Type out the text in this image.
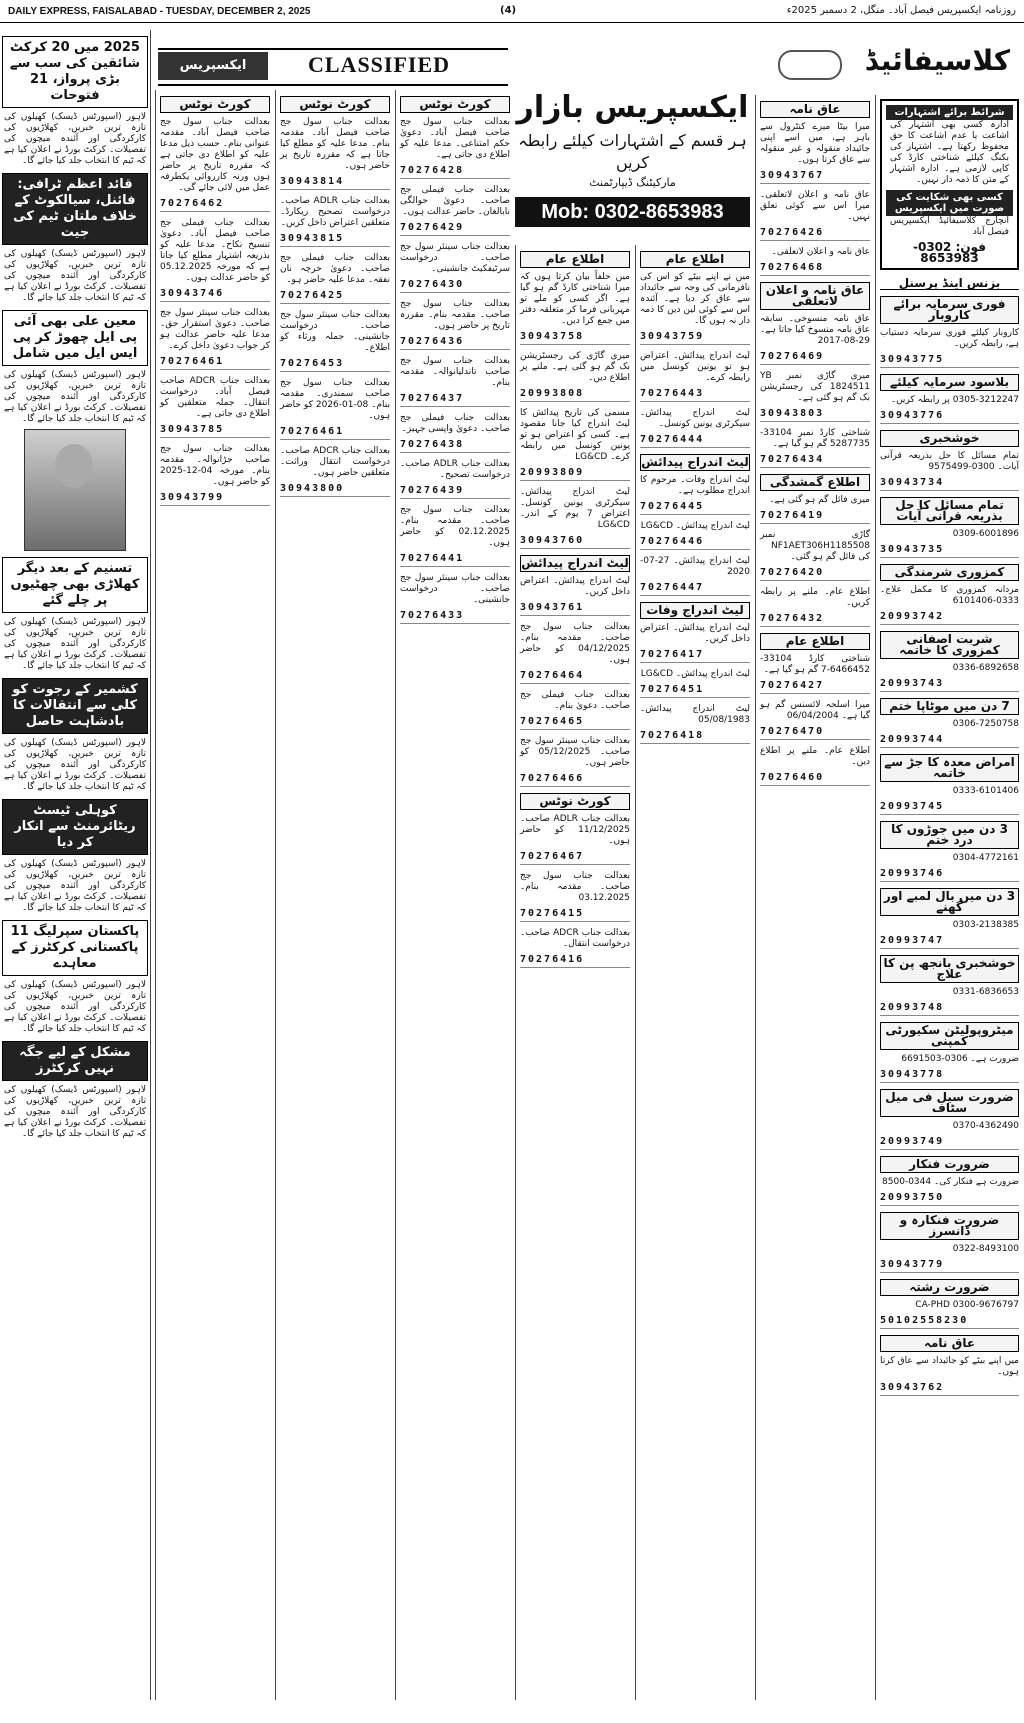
DAILY EXPRESS, FAISALABAD - TUESDAY, DECEMBER 2, 2025	(4)	روزنامہ ایکسپریس فیصل آباد۔ منگل، 2 دسمبر 2025ء
2025 میں 20 کرکٹ شائقین کی سب سے بڑی پرواز، 21 فتوحات

لاہور (اسپورٹس ڈیسک) کھیلوں کی تازہ ترین خبریں، کھلاڑیوں کی کارکردگی اور آئندہ میچوں کی تفصیلات۔ کرکٹ بورڈ نے اعلان کیا ہے کہ ٹیم کا انتخاب جلد کیا جائے گا۔

قائد اعظم ٹرافی: فائنل، سیالکوٹ کے خلاف ملتان ٹیم کی جیت

لاہور (اسپورٹس ڈیسک) کھیلوں کی تازہ ترین خبریں، کھلاڑیوں کی کارکردگی اور آئندہ میچوں کی تفصیلات۔ کرکٹ بورڈ نے اعلان کیا ہے کہ ٹیم کا انتخاب جلد کیا جائے گا۔

معین علی بھی آئی پی ایل چھوڑ کر پی ایس ایل میں شامل

لاہور (اسپورٹس ڈیسک) کھیلوں کی تازہ ترین خبریں، کھلاڑیوں کی کارکردگی اور آئندہ میچوں کی تفصیلات۔ کرکٹ بورڈ نے اعلان کیا ہے کہ ٹیم کا انتخاب جلد کیا جائے گا۔

تسنیم کے بعد دیگر کھلاڑی بھی چھٹیوں پر چلے گئے

لاہور (اسپورٹس ڈیسک) کھیلوں کی تازہ ترین خبریں، کھلاڑیوں کی کارکردگی اور آئندہ میچوں کی تفصیلات۔ کرکٹ بورڈ نے اعلان کیا ہے کہ ٹیم کا انتخاب جلد کیا جائے گا۔

کشمیر کے رجوت کو کلی سے انتقالات کا بادشاہت حاصل

لاہور (اسپورٹس ڈیسک) کھیلوں کی تازہ ترین خبریں، کھلاڑیوں کی کارکردگی اور آئندہ میچوں کی تفصیلات۔ کرکٹ بورڈ نے اعلان کیا ہے کہ ٹیم کا انتخاب جلد کیا جائے گا۔

کوہلی ٹیسٹ ریٹائرمنٹ سے انکار کر دیا

لاہور (اسپورٹس ڈیسک) کھیلوں کی تازہ ترین خبریں، کھلاڑیوں کی کارکردگی اور آئندہ میچوں کی تفصیلات۔ کرکٹ بورڈ نے اعلان کیا ہے کہ ٹیم کا انتخاب جلد کیا جائے گا۔

پاکستان سپرلیگ 11 پاکستانی کرکٹرز کے معاہدے

لاہور (اسپورٹس ڈیسک) کھیلوں کی تازہ ترین خبریں، کھلاڑیوں کی کارکردگی اور آئندہ میچوں کی تفصیلات۔ کرکٹ بورڈ نے اعلان کیا ہے کہ ٹیم کا انتخاب جلد کیا جائے گا۔

مشکل کے لیے جگہ نہیں کرکٹرز

لاہور (اسپورٹس ڈیسک) کھیلوں کی تازہ ترین خبریں، کھلاڑیوں کی کارکردگی اور آئندہ میچوں کی تفصیلات۔ کرکٹ بورڈ نے اعلان کیا ہے کہ ٹیم کا انتخاب جلد کیا جائے گا۔

ایکسپریس	CLASSIFIED
کورٹ نوٹس

بعدالت جناب سول جج صاحب فیصل آباد۔ مقدمہ عنوانی بنام۔ حسب ذیل مدعا علیہ کو اطلاع دی جاتی ہے کہ مقررہ تاریخ پر حاضر ہوں ورنہ کارروائی یکطرفہ عمل میں لائی جائے گی۔

70276462

بعدالت جناب فیملی جج صاحب فیصل آباد۔ دعویٰ تنسیخ نکاح۔ مدعا علیہ کو بذریعہ اشتہار مطلع کیا جاتا ہے کہ مورخہ 05.12.2025 کو حاضر عدالت ہوں۔

30943746

بعدالت جناب سینئر سول جج صاحب۔ دعویٰ استقرار حق۔ مدعا علیہ حاضر عدالت ہو کر جواب دعویٰ داخل کرے۔

70276461

بعدالت جناب ADCR صاحب فیصل آباد۔ درخواست انتقال۔ جملہ متعلقین کو اطلاع دی جاتی ہے۔

30943785

بعدالت جناب سول جج صاحب جڑانوالہ۔ مقدمہ بنام۔ مورخہ 04-12-2025 کو حاضر ہوں۔

30943799
کورٹ نوٹس

بعدالت جناب سول جج صاحب فیصل آباد۔ مقدمہ بنام۔ مدعا علیہ کو مطلع کیا جاتا ہے کہ مقررہ تاریخ پر حاضر ہوں۔

30943814

بعدالت جناب ADLR صاحب۔ درخواست تصحیح ریکارڈ۔ متعلقین اعتراض داخل کریں۔

30943815

بعدالت جناب فیملی جج صاحب۔ دعویٰ خرچہ نان نفقہ۔ مدعا علیہ حاضر ہو۔

70276425

بعدالت جناب سینئر سول جج صاحب۔ درخواست جانشینی۔ جملہ ورثاء کو اطلاع۔

70276453

بعدالت جناب سول جج صاحب سمندری۔ مقدمہ بنام۔ 08-01-2026 کو حاضر ہوں۔

70276461

بعدالت جناب ADCR صاحب۔ درخواست انتقال وراثت۔ متعلقین حاضر ہوں۔

30943800
کورٹ نوٹس

بعدالت جناب سول جج صاحب فیصل آباد۔ دعویٰ حکم امتناعی۔ مدعا علیہ کو اطلاع دی جاتی ہے۔

70276428

بعدالت جناب فیملی جج صاحب۔ دعویٰ حوالگی نابالغان۔ حاضر عدالت ہوں۔

70276429

بعدالت جناب سینئر سول جج صاحب۔ درخواست سرٹیفکیٹ جانشینی۔

70276430

بعدالت جناب سول جج صاحب۔ مقدمہ بنام۔ مقررہ تاریخ پر حاضر ہوں۔

70276436

بعدالت جناب سول جج صاحب تاندلیانوالہ۔ مقدمہ بنام۔

70276437

بعدالت جناب فیملی جج صاحب۔ دعویٰ واپسی جہیز۔

70276438

بعدالت جناب ADLR صاحب۔ درخواست تصحیح۔

70276439

بعدالت جناب سول جج صاحب۔ مقدمہ بنام۔ 02.12.2025 کو حاضر ہوں۔

70276441

بعدالت جناب سینئر سول جج صاحب۔ درخواست جانشینی۔

70276433
ایکسپریس بازار
ہر قسم کے اشتہارات کیلئے رابطہ کریں
مارکیٹنگ ڈیپارٹمنٹ
Mob: 0302-8653983
اطلاع عام

میں حلفاً بیان کرتا ہوں کہ میرا شناختی کارڈ گم ہو گیا ہے۔ اگر کسی کو ملے تو مہربانی فرما کر متعلقہ دفتر میں جمع کرا دیں۔

30943758

میری گاڑی کی رجسٹریشن بک گم ہو گئی ہے۔ ملنے پر اطلاع دیں۔

20993808

مسمی کی تاریخ پیدائش کا لیٹ اندراج کیا جانا مقصود ہے۔ کسی کو اعتراض ہو تو یونین کونسل میں رابطہ کرے۔ LG&CD

20993809

لیٹ اندراج پیدائش۔ سیکرٹری یونین کونسل۔ اعتراض 7 یوم کے اندر۔ LG&CD

30943760
لیٹ اندراج پیدائش

لیٹ اندراج پیدائش۔ اعتراض داخل کریں۔

30943761

بعدالت جناب سول جج صاحب۔ مقدمہ بنام۔ 04/12/2025 کو حاضر ہوں۔

70276464

بعدالت جناب فیملی جج صاحب۔ دعویٰ بنام۔

70276465

بعدالت جناب سینئر سول جج صاحب۔ 05/12/2025 کو حاضر ہوں۔

70276466
کورٹ نوٹس

بعدالت جناب ADLR صاحب۔ 11/12/2025 کو حاضر ہوں۔

70276467

بعدالت جناب سول جج صاحب۔ مقدمہ بنام۔ 03.12.2025

70276415

بعدالت جناب ADCR صاحب۔ درخواست انتقال۔

70276416
اطلاع عام

میں نے اپنے بیٹے کو اس کی نافرمانی کی وجہ سے جائیداد سے عاق کر دیا ہے۔ آئندہ اس سے کوئی لین دین کا ذمہ دار نہ ہوں گا۔

30943759

لیٹ اندراج پیدائش۔ اعتراض ہو تو یونین کونسل میں رابطہ کرے۔

70276443

لیٹ اندراج پیدائش۔ سیکرٹری یونین کونسل۔

70276444
لیٹ اندراج پیدائش

لیٹ اندراج وفات۔ مرحوم کا اندراج مطلوب ہے۔

70276445

لیٹ اندراج پیدائش۔ LG&CD

70276446

لیٹ اندراج پیدائش۔ 27-07-2020

70276447
لیٹ اندراج وفات

لیٹ اندراج پیدائش۔ اعتراض داخل کریں۔

70276417

لیٹ اندراج پیدائش۔ LG&CD

70276451

لیٹ اندراج پیدائش۔ 05/08/1983

70276418
کلاسیفائیڈ
عاق نامہ

میرا بیٹا میرے کنٹرول سے باہر ہے، میں اسے اپنی جائیداد منقولہ و غیر منقولہ سے عاق کرتا ہوں۔

30943767

عاق نامہ و اعلان لاتعلقی۔ میرا اس سے کوئی تعلق نہیں۔

70276426

عاق نامہ و اعلان لاتعلقی۔

70276468
عاق نامہ و اعلان لاتعلقی

عاق نامہ منسوخی۔ سابقہ عاق نامہ منسوخ کیا جاتا ہے۔ 29-08-2017

70276469

میری گاڑی نمبر YB 1824511 کی رجسٹریشن بک گم ہو گئی ہے۔

30943803

شناختی کارڈ نمبر 33104-5287735 گم ہو گیا ہے۔

70276434
اطلاع گمشدگی

میری فائل گم ہو گئی ہے۔

70276419

گاڑی نمبر NF1AET306H1185508 کی فائل گم ہو گئی۔

70276420

اطلاع عام۔ ملنے پر رابطہ کریں۔

70276432
اطلاع عام

شناختی کارڈ 33104-6466452-7 گم ہو گیا ہے۔

70276427

میرا اسلحہ لائسنس گم ہو گیا ہے۔ 06/04/2004

70276470

اطلاع عام۔ ملنے پر اطلاع دیں۔

70276460
شرائط برائے اشتہارات

ادارہ کسی بھی اشتہار کی اشاعت یا عدم اشاعت کا حق محفوظ رکھتا ہے۔ اشتہار کی بکنگ کیلئے شناختی کارڈ کی کاپی لازمی ہے۔ ادارہ اشتہار کے متن کا ذمہ دار نہیں۔

کسی بھی شکایت کی صورت میں ایکسپریس

انچارج کلاسیفائیڈ ایکسپریس فیصل آباد

فون: 0302-8653983
بزنس اینڈ پرسنل
فوری سرمایہ برائے کاروبار

کاروبار کیلئے فوری سرمایہ دستیاب ہے، رابطہ کریں۔

30943775
بلاسود سرمایہ کیلئے

0305-3212247 پر رابطہ کریں۔

30943776
خوشخبری

تمام مسائل کا حل بذریعہ قرآنی آیات۔ 0300-9575499

30943734
تمام مسائل کا حل بذریعہ قرآنی آیات

0309-6001896

30943735
کمزوری شرمندگی

مردانہ کمزوری کا مکمل علاج۔ 0333-6101406

20993742
شربت اصفانی کمزوری کا خاتمہ

0336-6892658

20993743
7 دن میں موٹاپا ختم

0306-7250758

20993744
امراض معدہ کا جڑ سے خاتمہ

0333-6101406

20993745
3 دن میں جوڑوں کا درد ختم

0304-4772161

20993746
3 دن میں بال لمبے اور گھنے

0303-2138385

20993747
خوشخبری بانجھ پن کا علاج

0331-6836653

20993748
میٹروپولیٹن سکیورٹی کمپنی

ضرورت ہے۔ 0306-6691503

30943778
ضرورت سیل فی میل سٹاف

0370-4362490

20993749
ضرورت فنکار

ضرورت ہے فنکار کی۔ 0344-8500

20993750
ضرورت فنکارہ و ڈانسرز

0322-8493100

30943779
ضرورت رشتہ

CA-PHD 0300-9676797

50102558230
عاق نامہ

میں اپنے بیٹے کو جائیداد سے عاق کرتا ہوں۔

30943762
